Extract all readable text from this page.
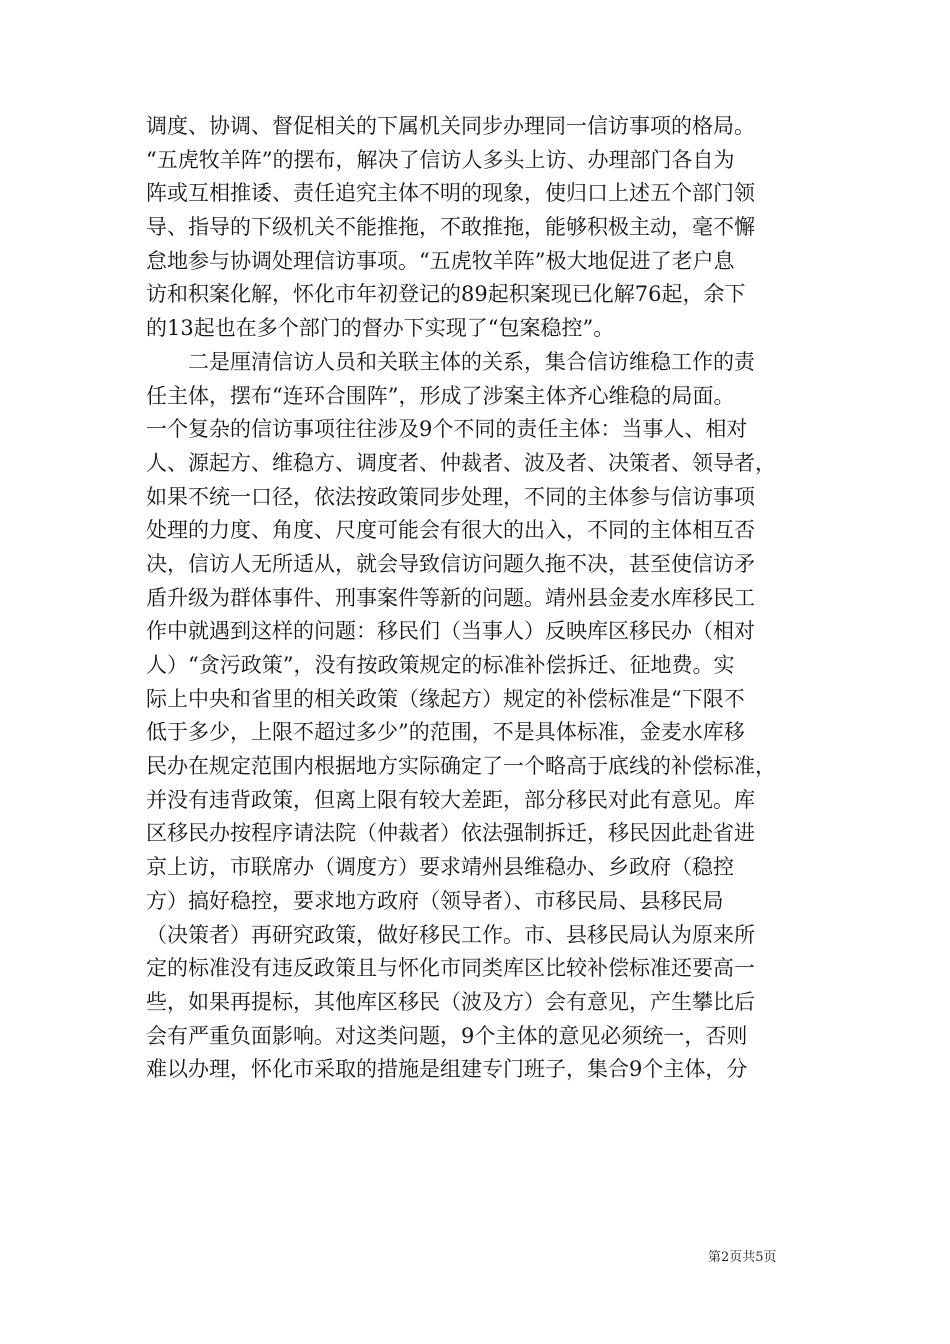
调度、协调、督促相关的下属机关同步办理同一信访事项的格局。
“五虎牧羊阵”的摆布，解决了信访人多头上访、办理部门各自为
阵或互相推诿、责任追究主体不明的现象，使归口上述五个部门领
导、指导的下级机关不能推拖，不敢推拖，能够积极主动，毫不懈
怠地参与协调处理信访事项。“五虎牧羊阵”极大地促进了老户息
访和积案化解，怀化市年初登记的89起积案现已化解76起，余下
的13起也在多个部门的督办下实现了“包案稳控”。
　　二是厘清信访人员和关联主体的关系，集合信访维稳工作的责
任主体，摆布“连环合围阵”，形成了涉案主体齐心维稳的局面。
一个复杂的信访事项往往涉及9个不同的责任主体：当事人、相对
人、源起方、维稳方、调度者、仲裁者、波及者、决策者、领导者，
如果不统一口径，依法按政策同步处理，不同的主体参与信访事项
处理的力度、角度、尺度可能会有很大的出入，不同的主体相互否
决，信访人无所适从，就会导致信访问题久拖不决，甚至使信访矛
盾升级为群体事件、刑事案件等新的问题。靖州县金麦水库移民工
作中就遇到这样的问题：移民们（当事人）反映库区移民办（相对
人）“贪污政策”，没有按政策规定的标准补偿拆迁、征地费。实
际上中央和省里的相关政策（缘起方）规定的补偿标准是“下限不
低于多少，上限不超过多少”的范围，不是具体标准，金麦水库移
民办在规定范围内根据地方实际确定了一个略高于底线的补偿标准，
并没有违背政策，但离上限有较大差距，部分移民对此有意见。库
区移民办按程序请法院（仲裁者）依法强制拆迁，移民因此赴省进
京上访，市联席办（调度方）要求靖州县维稳办、乡政府（稳控
方）搞好稳控，要求地方政府（领导者）、市移民局、县移民局
（决策者）再研究政策，做好移民工作。市、县移民局认为原来所
定的标准没有违反政策且与怀化市同类库区比较补偿标准还要高一
些，如果再提标，其他库区移民（波及方）会有意见，产生攀比后
会有严重负面影响。对这类问题，9个主体的意见必须统一，否则
难以办理，怀化市采取的措施是组建专门班子，集合9个主体，分
第2页共5页
